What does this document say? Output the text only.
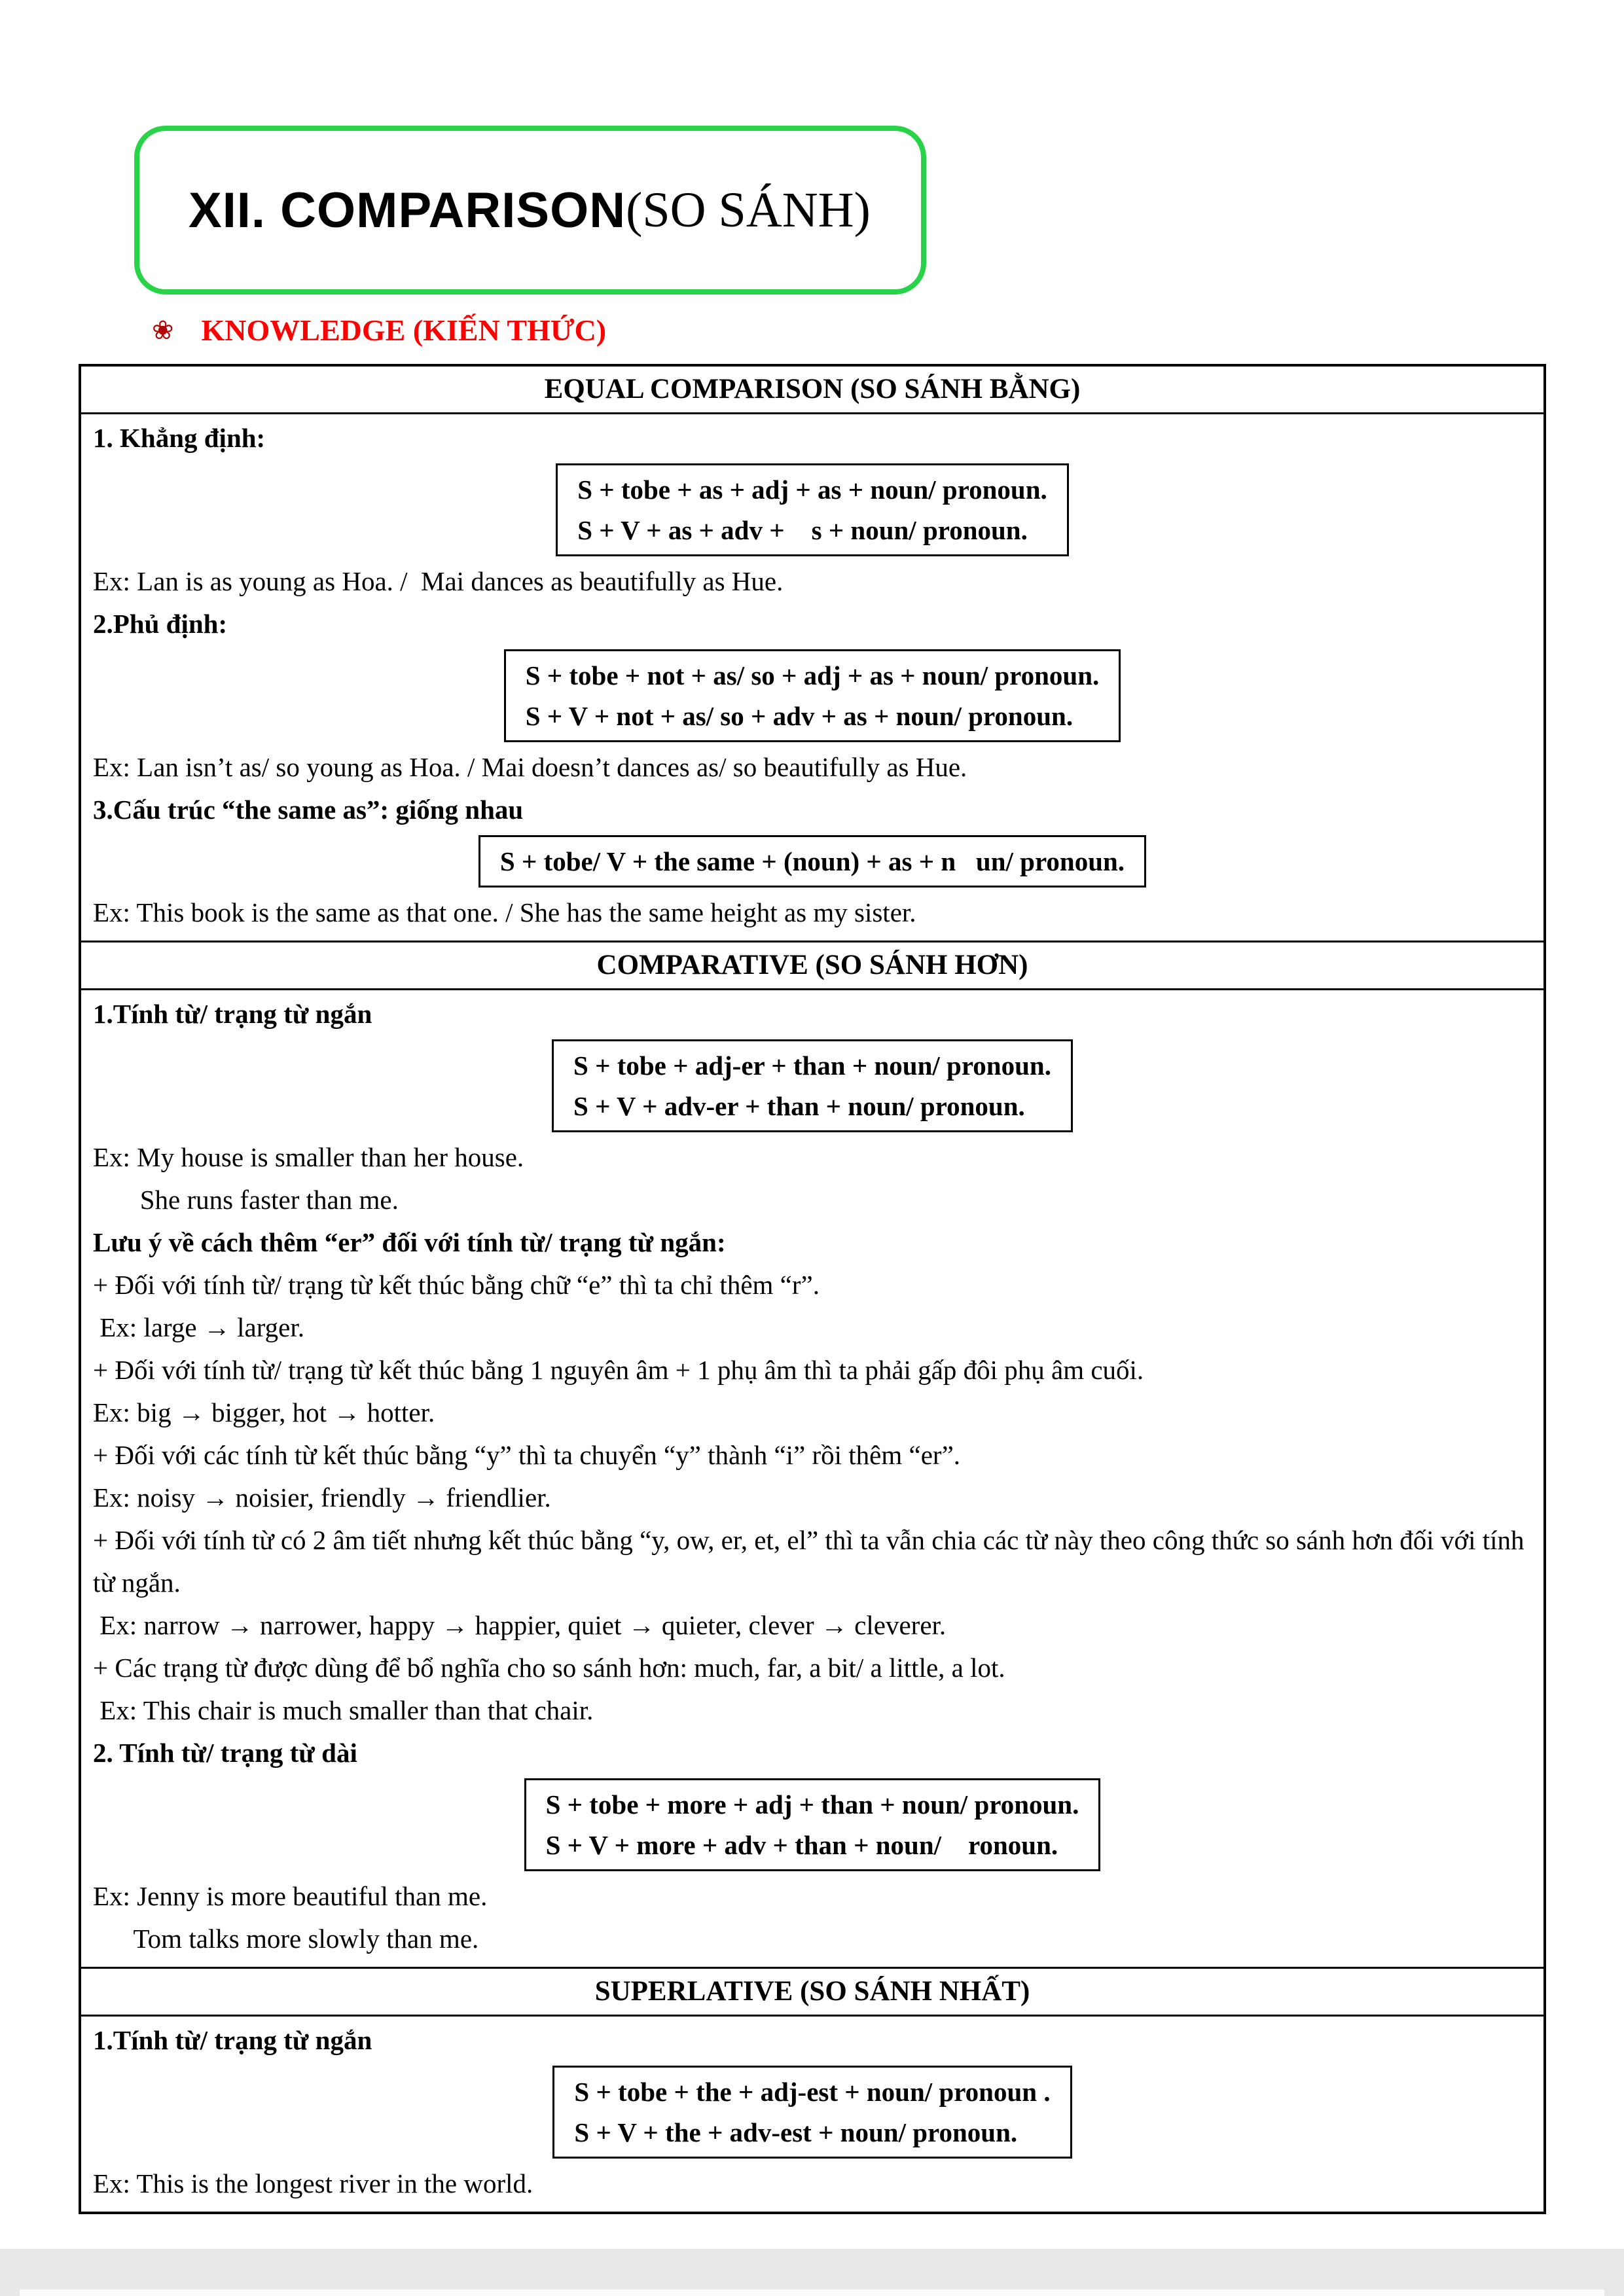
XII. COMPARISON (SO SÁNH)
❀ KNOWLEDGE (KIẾN THỨC)
EQUAL COMPARISON (SO SÁNH BẰNG)
1. Khẳng định:
S + tobe + as + adj + as + noun/ pronoun.
S + V + as + adv +    s + noun/ pronoun.
Ex: Lan is as young as Hoa. /  Mai dances as beautifully as Hue.
2.Phủ định:
S + tobe + not + as/ so + adj + as + noun/ pronoun.
S + V + not + as/ so + adv + as + noun/ pronoun.
Ex: Lan isn’t as/ so young as Hoa. / Mai doesn’t dances as/ so beautifully as Hue.
3.Cấu trúc “the same as”: giống nhau
S + tobe/ V + the same + (noun) + as + n   un/ pronoun.
Ex: This book is the same as that one. / She has the same height as my sister.
COMPARATIVE (SO SÁNH HƠN)
1.Tính từ/ trạng từ ngắn
S + tobe + adj-er + than + noun/ pronoun.
S + V + adv-er + than + noun/ pronoun.
Ex: My house is smaller than her house.
She runs faster than me.
Lưu ý về cách thêm “er” đối với tính từ/ trạng từ ngắn:
+ Đối với tính từ/ trạng từ kết thúc bằng chữ “e” thì ta chỉ thêm “r”.
Ex: large → larger.
+ Đối với tính từ/ trạng từ kết thúc bằng 1 nguyên âm + 1 phụ âm thì ta phải gấp đôi phụ âm cuối.
Ex: big → bigger, hot → hotter.
+ Đối với các tính từ kết thúc bằng “y” thì ta chuyển “y” thành “i” rồi thêm “er”.
Ex: noisy → noisier, friendly → friendlier.
+ Đối với tính từ có 2 âm tiết nhưng kết thúc bằng “y, ow, er, et, el” thì ta vẫn chia các từ này theo công thức so sánh hơn đối với tính từ ngắn.
Ex: narrow → narrower, happy → happier, quiet → quieter, clever → cleverer.
+ Các trạng từ được dùng để bổ nghĩa cho so sánh hơn: much, far, a bit/ a little, a lot.
Ex: This chair is much smaller than that chair.
2. Tính từ/ trạng từ dài
S + tobe + more + adj + than + noun/ pronoun.
S + V + more + adv + than + noun/    ronoun.
Ex: Jenny is more beautiful than me.
Tom talks more slowly than me.
SUPERLATIVE (SO SÁNH NHẤT)
1.Tính từ/ trạng từ ngắn
S + tobe + the + adj-est + noun/ pronoun .
S + V + the + adv-est + noun/ pronoun.
Ex: This is the longest river in the world.
